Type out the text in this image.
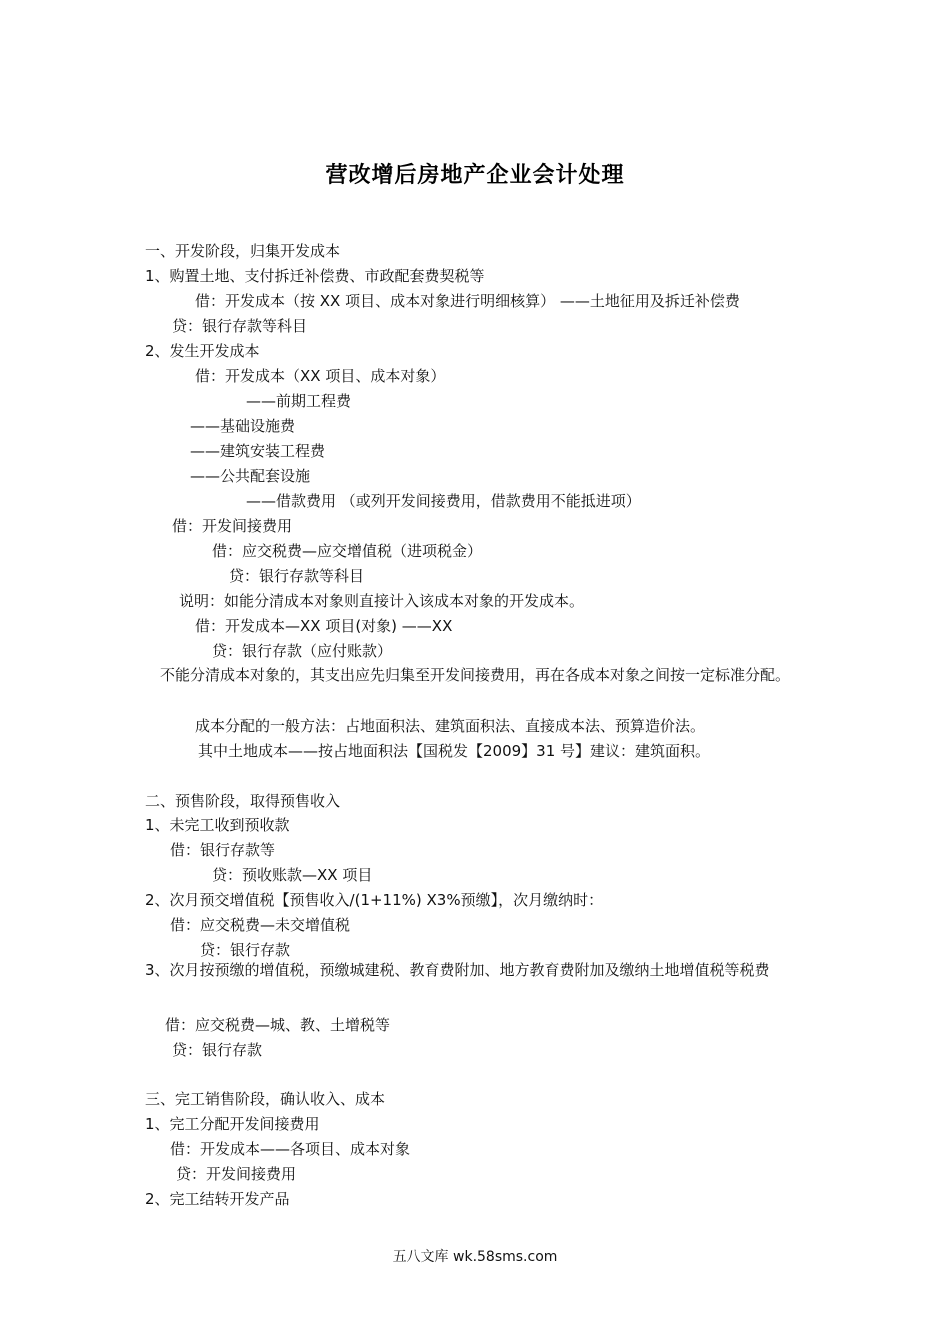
营改增后房地产企业会计处理
一、开发阶段，归集开发成本
1、购置土地、支付拆迁补偿费、市政配套费契税等
借：开发成本（按 XX 项目、成本对象进行明细核算） ——土地征用及拆迁补偿费
贷：银行存款等科目
2、发生开发成本
借：开发成本（XX 项目、成本对象）
——前期工程费
——基础设施费
——建筑安装工程费
——公共配套设施
——借款费用 （或列开发间接费用，借款费用不能抵进项）
借：开发间接费用
借：应交税费—应交增值税（进项税金）
贷：银行存款等科目
说明：如能分清成本对象则直接计入该成本对象的开发成本。
借：开发成本—XX 项目(对象) ——XX
贷：银行存款（应付账款）
不能分清成本对象的，其支出应先归集至开发间接费用，再在各成本对象之间按一定标准分配。
成本分配的一般方法：占地面积法、建筑面积法、直接成本法、预算造价法。
其中土地成本——按占地面积法【国税发【2009】31 号】建议：建筑面积。
二、预售阶段，取得预售收入
1、未完工收到预收款
借：银行存款等
贷：预收账款—XX 项目
2、次月预交增值税【预售收入/(1+11%) X3%预缴】，次月缴纳时：
借：应交税费—未交增值税
贷：银行存款
3、次月按预缴的增值税，预缴城建税、教育费附加、地方教育费附加及缴纳土地增值税等税费
借：应交税费—城、教、土增税等
贷：银行存款
三、完工销售阶段，确认收入、成本
1、完工分配开发间接费用
借：开发成本——各项目、成本对象
贷：开发间接费用
2、完工结转开发产品
五八文库 wk.58sms.com
